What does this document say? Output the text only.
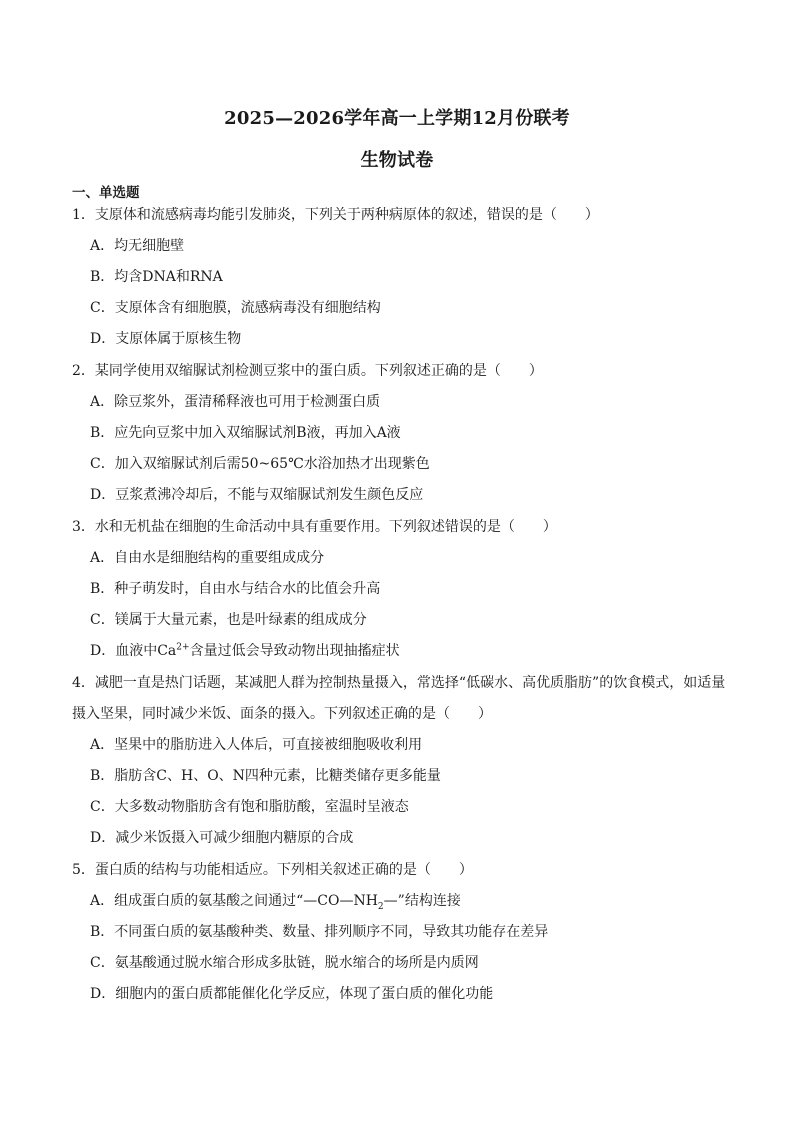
2025—2026学年高一上学期12月份联考
生物试卷
一、单选题

1．支原体和流感病毒均能引发肺炎，下列关于两种病原体的叙述，错误的是（　　）

A．均无细胞壁

B．均含DNA和RNA

C．支原体含有细胞膜，流感病毒没有细胞结构

D．支原体属于原核生物

2．某同学使用双缩脲试剂检测豆浆中的蛋白质。下列叙述正确的是（　　）

A．除豆浆外，蛋清稀释液也可用于检测蛋白质

B．应先向豆浆中加入双缩脲试剂B液，再加入A液

C．加入双缩脲试剂后需50~65℃水浴加热才出现紫色

D．豆浆煮沸冷却后，不能与双缩脲试剂发生颜色反应

3．水和无机盐在细胞的生命活动中具有重要作用。下列叙述错误的是（　　）

A．自由水是细胞结构的重要组成成分

B．种子萌发时，自由水与结合水的比值会升高

C．镁属于大量元素，也是叶绿素的组成成分

D．血液中$Ca^{2+}$含量过低会导致动物出现抽搐症状

4．减肥一直是热门话题，某减肥人群为控制热量摄入，常选择“低碳水、高优质脂肪”的饮食模式，如适量摄入坚果，同时减少米饭、面条的摄入。下列叙述正确的是（　　）

A．坚果中的脂肪进入人体后，可直接被细胞吸收利用

B．脂肪含C、H、O、N四种元素，比糖类储存更多能量

C．大多数动物脂肪含有饱和脂肪酸，室温时呈液态

D．减少米饭摄入可减少细胞内糖原的合成

5．蛋白质的结构与功能相适应。下列相关叙述正确的是（　　）

A．组成蛋白质的氨基酸之间通过“$—CO—NH_2—$”结构连接

B．不同蛋白质的氨基酸种类、数量、排列顺序不同，导致其功能存在差异

C．氨基酸通过脱水缩合形成多肽链，脱水缩合的场所是内质网

D．细胞内的蛋白质都能催化化学反应，体现了蛋白质的催化功能
